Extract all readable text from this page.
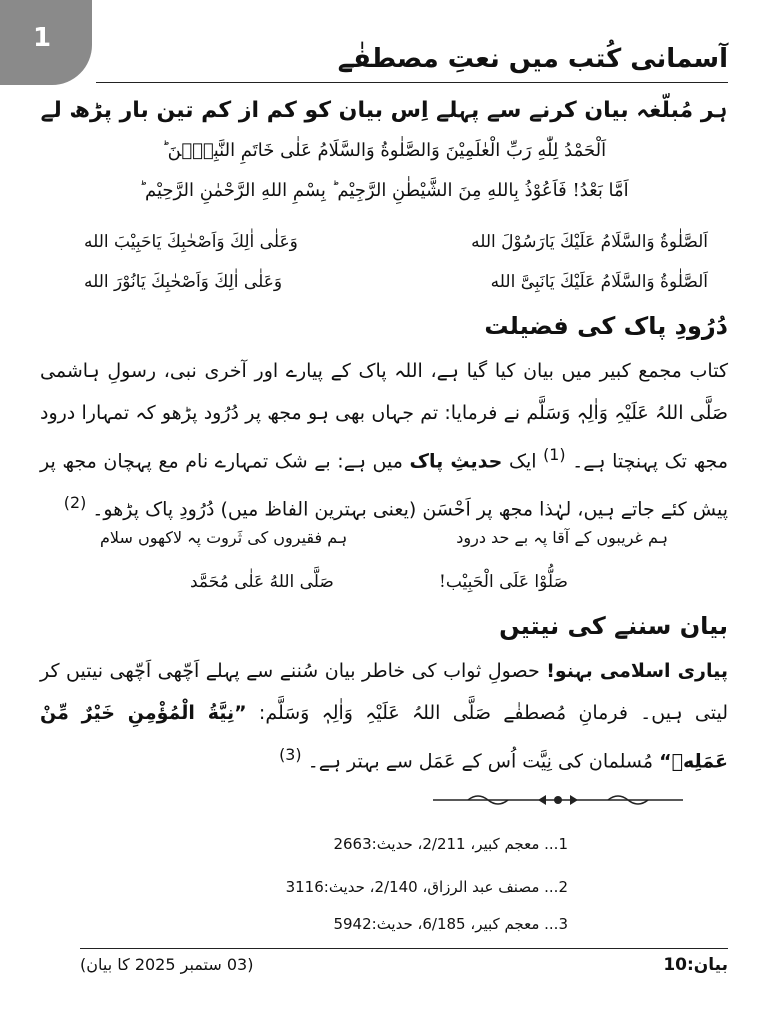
1
آسمانی کُتب میں نعتِ مصطفٰے
ہر مُبلّغہ بیان کرنے سے پہلے اِس بیان کو کم از کم تین بار پڑھ لے
اَلْحَمْدُ لِلّٰهِ رَبِّ الْعٰلَمِیْنَ وَالصَّلٰوةُ وَالسَّلَامُ عَلٰی خَاتَمِ النَّبِیّٖنَ ؕ
اَمَّا بَعْدُ! فَاَعُوْذُ بِاللهِ مِنَ الشَّیْطٰنِ الرَّجِیْم ؕ بِسْمِ اللهِ الرَّحْمٰنِ الرَّحِیْم ؕ
اَلصَّلٰوةُ وَالسَّلَامُ عَلَیْكَ یَارَسُوْلَ الله
وَعَلٰی اٰلِكَ وَاَصْحٰبِكَ یَاحَبِیْبَ الله
اَلصَّلٰوةُ وَالسَّلَامُ عَلَیْكَ یَانَبِیَّ الله
وَعَلٰی اٰلِكَ وَاَصْحٰبِكَ یَانُوْرَ الله
دُرُودِ پاک کی فضیلت
کتاب مجمع کبیر میں بیان کیا گیا ہے، اللہ پاک کے پیارے اور آخری نبی، رسولِ ہاشمی صَلَّی اللہُ عَلَیْہِ وَاٰلِہٖ وَسَلَّم نے فرمایا: تم جہاں بھی ہو مجھ پر دُرُود پڑھو کہ تمہارا درود مجھ تک پہنچتا ہے۔ $^{(1)}$ ایک حدیثِ پاک میں ہے: بے شک تمہارے نام مع پہچان مجھ پر پیش کئے جاتے ہیں، لہٰذا مجھ پر اَحْسَن (یعنی بہترین الفاظ میں) دُرُودِ پاک پڑھو۔ $^{(2)}$
ہم غریبوں کے آقا پہ بے حد درود
ہم فقیروں کی ثَروت پہ لاکھوں سلام
صَلُّوْا عَلَی الْحَبِیْب!
صَلَّی اللهُ عَلٰی مُحَمَّد
بیان سننے کی نیتیں
پیاری اسلامی بہنو! حصولِ ثواب کی خاطر بیان سُننے سے پہلے اَچّھی اَچّھی نیتیں کر لیتی ہیں۔ فرمانِ مُصطفٰے صَلَّی اللہُ عَلَیْہِ وَاٰلِہٖ وَسَلَّم: ”نِیَّةُ الْمُؤْمِنِ خَیْرٌ مِّنْ عَمَلِهٖ“ مُسلمان کی نِیَّت اُس کے عَمَل سے بہتر ہے۔ $^{(3)}$
1... معجم کبیر، 2/211، حدیث:2663
2... مصنف عبد الرزاق، 2/140، حدیث:3116
3... معجم کبیر، 6/185، حدیث:5942
(03 ستمبر 2025 کا بیان)	بیان:10
